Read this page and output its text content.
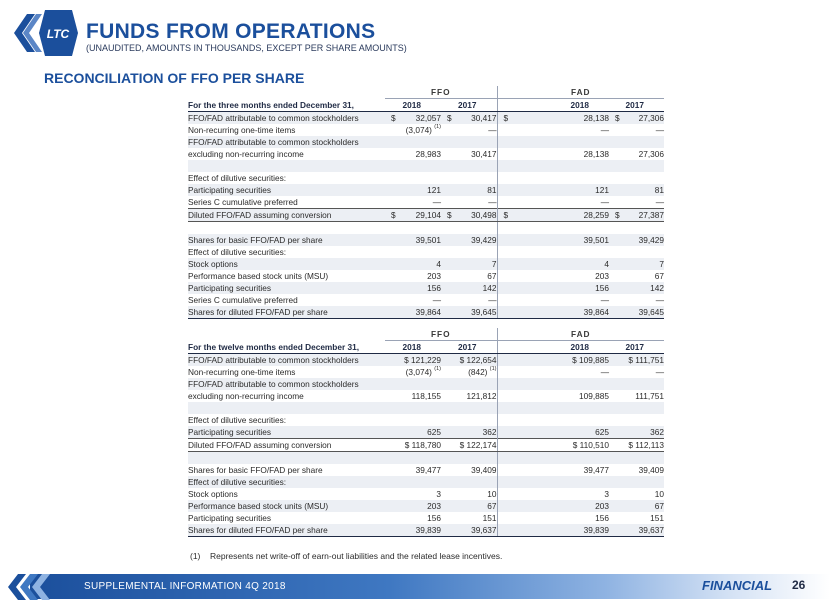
LTC FUNDS FROM OPERATIONS
(UNAUDITED, AMOUNTS IN THOUSANDS, EXCEPT PER SHARE AMOUNTS)
RECONCILIATION OF FFO PER SHARE
	FFO		FAD	
For the three months ended December 31,	2018	2017	2018	2017
FFO/FAD attributable to common stockholders	$ 32,057	$ 30,417	$ 28,138	$ 27,306
Non-recurring one-time items	(3,074) $^{(1)}$	—	—	—
FFO/FAD attributable to common stockholders				
excluding non-recurring income	28,983	30,417	28,138	27,306

Effect of dilutive securities:				
Participating securities	121	81	121	81
Series C cumulative preferred	—	—	—	—
Diluted FFO/FAD assuming conversion	$ 29,104	$ 30,498	$ 28,259	$ 27,387

Shares for basic FFO/FAD per share	39,501	39,429	39,501	39,429
Effect of dilutive securities:				
Stock options	4	7	4	7
Performance based stock units (MSU)	203	67	203	67
Participating securities	156	142	156	142
Series C cumulative preferred	—	—	—	—
Shares for diluted FFO/FAD per share	39,864	39,645	39,864	39,645
	FFO		FAD	
For the twelve months ended December 31,	2018	2017	2018	2017
FFO/FAD attributable to common stockholders	$ 121,229	$ 122,654	$ 109,885	$ 111,751
Non-recurring one-time items	(3,074) $^{(1)}$	(842) $^{(1)}$	—	—
FFO/FAD attributable to common stockholders				
excluding non-recurring income	118,155	121,812	109,885	111,751

Effect of dilutive securities:				
Participating securities	625	362	625	362
Diluted FFO/FAD assuming conversion	$ 118,780	$ 122,174	$ 110,510	$ 112,113

Shares for basic FFO/FAD per share	39,477	39,409	39,477	39,409
Effect of dilutive securities:				
Stock options	3	10	3	10
Performance based stock units (MSU)	203	67	203	67
Participating securities	156	151	156	151
Shares for diluted FFO/FAD per share	39,839	39,637	39,839	39,637
(1) Represents net write-off of earn-out liabilities and the related lease incentives.
SUPPLEMENTAL INFORMATION 4Q 2018	FINANCIAL 26
